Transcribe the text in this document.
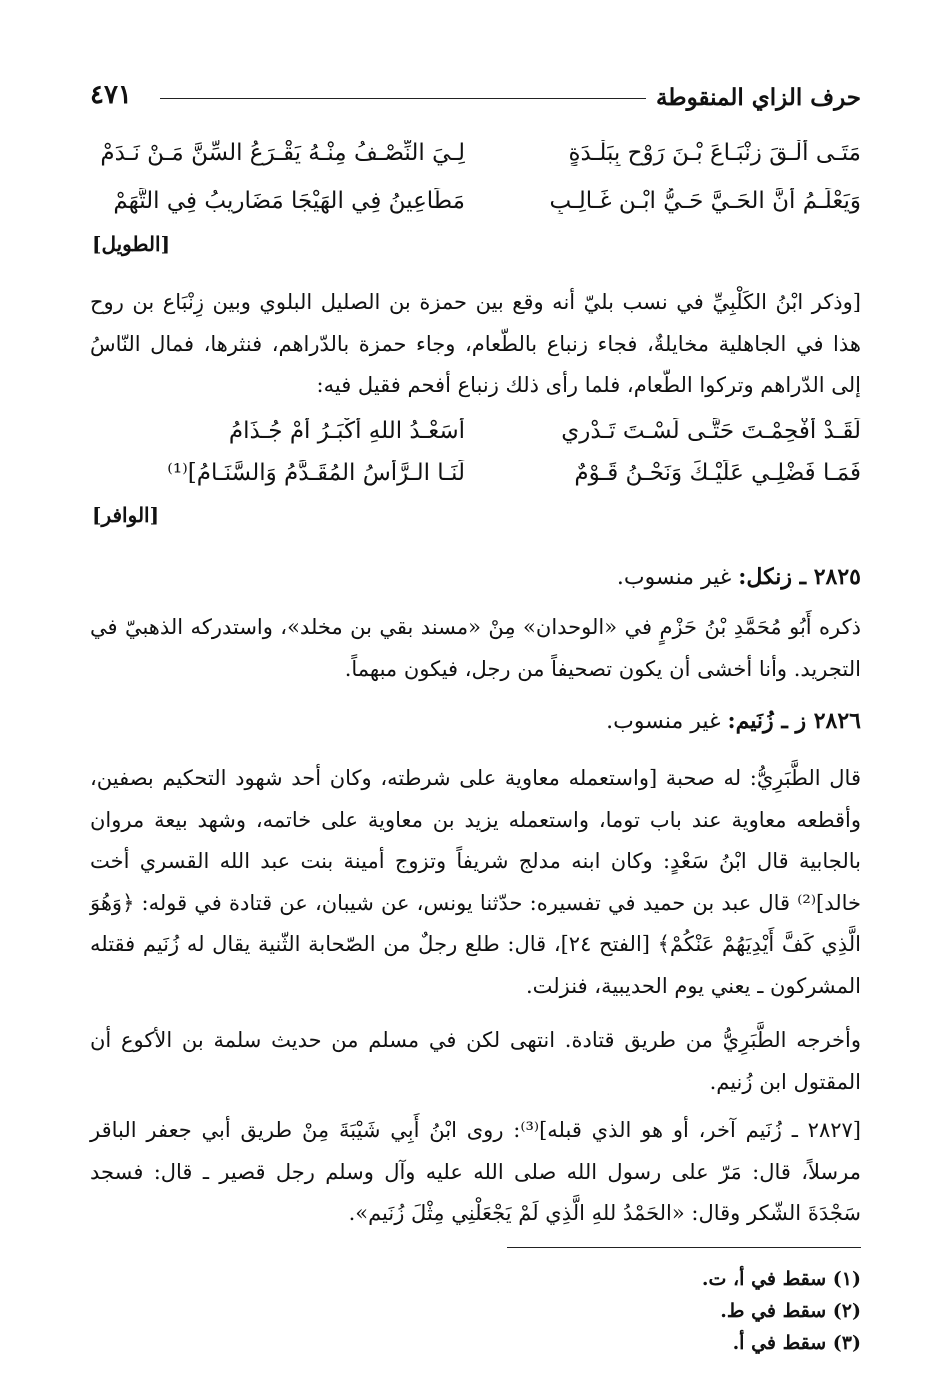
حرف الزاي المنقوطة
٤٧١
مَتَـى أَلْـقَ زِنْبَـاعَ بْـنَ رَوْحٍ بِبَلْـدَةٍ
لِـيَ النِّصْـفُ مِنْـهُ يَقْـرَعُ السِّنَّ مَـنْ نَـدَمْ
وَيَعْلَـمُ أَنَّ الحَـيَّ حَـيُّ ابْـنِ غَـالِـبٍ
مَطَاعِينُ فِي الهَيْجَا مَضَارِيبُ فِي التَّهَمْ
[الطويل]
[وذكر ابْنُ الكَلْبِيِّ في نسب بليّ أنه وقع بين حمزة بن الصليل البلوي وبين زِنْبَاع بن روح هذا في الجاهلية مخايلةٌ، فجاء زنباع بالطّعام، وجاء حمزة بالدّراهم، فنثرها، فمال النّاسُ إلى الدّراهم وتركوا الطّعام، فلما رأى ذلك زنباع أفحم فقيل فيه:
لَقَـدْ أُفْحِمْـتَ حَتَّـى لَسْـتَ تَـدْرِي
أَسَعْـدُ اللهِ أَكْبَـرُ أَمْ جُـذَامُ
فَمَـا فَضْلِـي عَلَيْـكَ وَنَحْـنُ قَـوْمٌ
لَنَـا الـرَّأْسُ المُقَـدَّمُ وَالسَّنَـامُ]⁽¹⁾
[الوافر]
٢٨٢٥ ـ زنكل: غير منسوب.
ذكره أَبُو مُحَمَّدِ بْنُ حَزْمٍ في «الوحدان» مِنْ «مسند بقي بن مخلد»، واستدركه الذهبيّ في التجريد. وأنا أخشى أن يكون تصحيفاً من رجل، فيكون مبهماً.
٢٨٢٦ ز ـ زُنَيم: غير منسوب.
قال الطَّبَرِيُّ: له صحبة [واستعمله معاوية على شرطته، وكان أحد شهود التحكيم بصفين، وأقطعه معاوية عند باب توما، واستعمله يزيد بن معاوية على خاتمه، وشهد بيعة مروان بالجابية قال ابْنُ سَعْدٍ: وكان ابنه مدلج شريفاً وتزوج أمينة بنت عبد الله القسري أخت خالد]⁽²⁾ قال عبد بن حميد في تفسيره: حدّثنا يونس، عن شيبان، عن قتادة في قوله: ﴿وَهُوَ الَّذِي كَفَّ أَيْدِيَهُمْ عَنْكُمْ﴾ [الفتح ٢٤]، قال: طلع رجلٌ من الصّحابة الثّنية يقال له زُنَيم فقتله المشركون ـ يعني يوم الحديبية، فنزلت.
وأخرجه الطَّبَرِيُّ من طريق قتادة. انتهى لكن في مسلم من حديث سلمة بن الأكوع أن المقتول ابن زُنيم.
[٢٨٢٧ ـ زُنَيم آخر، أو هو الذي قبله]⁽³⁾: روى ابْنُ أَبِي شَيْبَةَ مِنْ طريق أبي جعفر الباقر مرسلاً، قال: مَرّ على رسول الله صلى الله عليه وآل وسلم رجل قصير ـ قال: فسجد سَجْدَةَ الشّكر وقال: «الحَمْدُ للهِ الَّذِي لَمْ يَجْعَلْنِي مِثْلَ زُنَيم».
(١) سقط في أ، ت.
(٢) سقط في ط.
(٣) سقط في أ.
